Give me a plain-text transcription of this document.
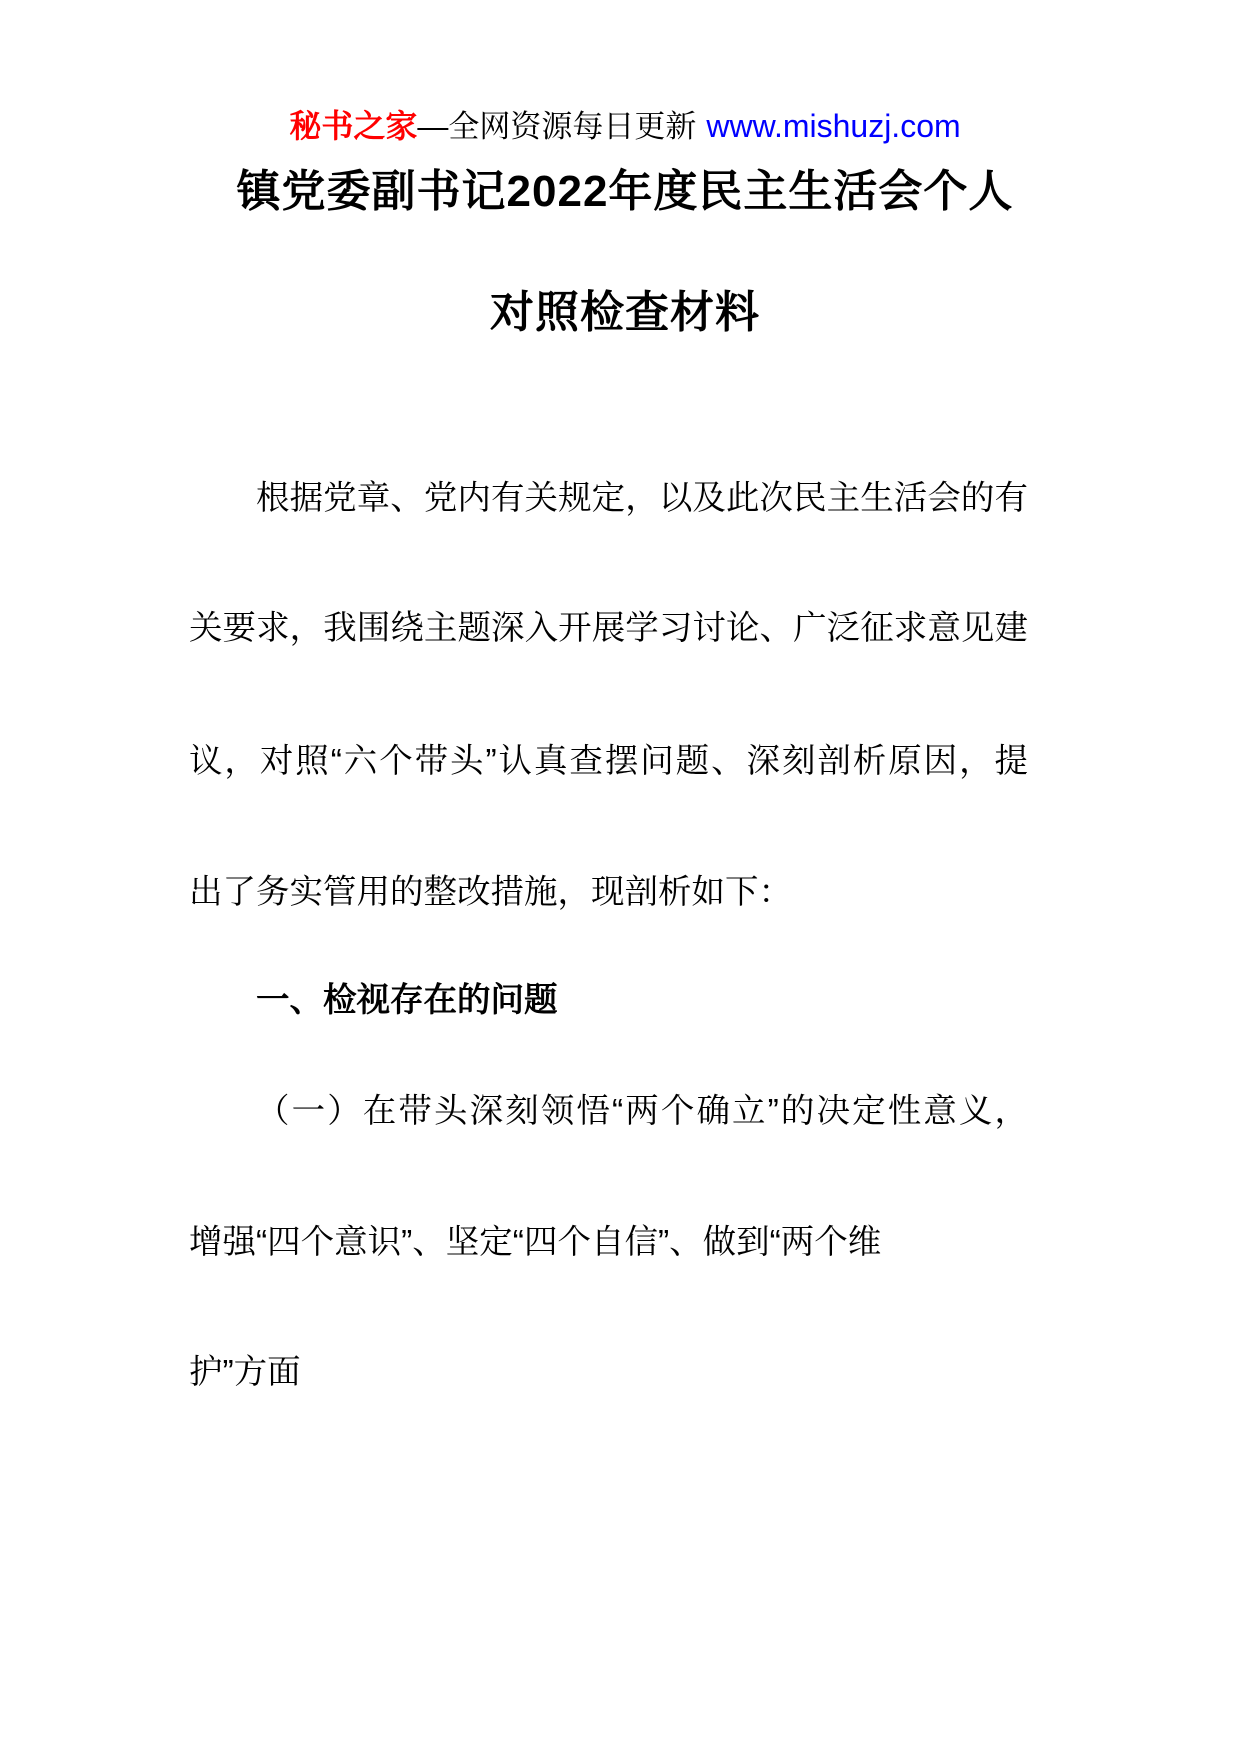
秘书之家—全网资源每日更新 www.mishuzj.com
镇党委副书记2022年度民主生活会个人
对照检查材料
根据党章、党内有关规定，以及此次民主生活会的有
关要求，我围绕主题深入开展学习讨论、广泛征求意见建
议，对照“六个带头”认真查摆问题、深刻剖析原因，提
出了务实管用的整改措施，现剖析如下：
一、检视存在的问题
（一）在带头深刻领悟“两个确立”的决定性意义，
增强“四个意识”、坚定“四个自信”、做到“两个维
护”方面
